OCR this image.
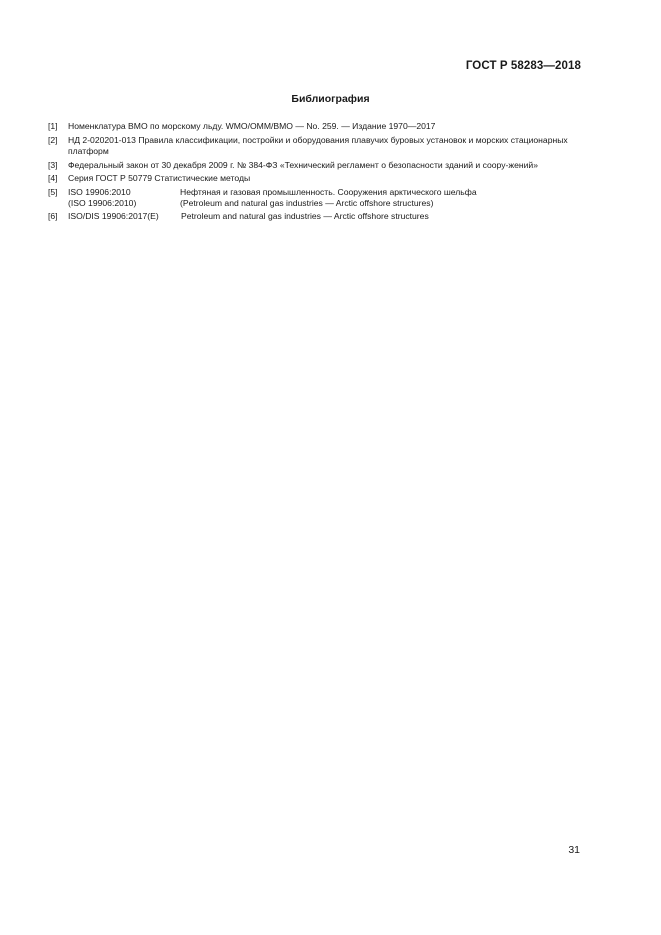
ГОСТ Р 58283—2018
Библиография
[1]	Номенклатура ВМО по морскому льду. WMO/OMM/ВМО — No. 259. — Издание 1970—2017
[2]	НД 2-020201-013 Правила классификации, постройки и оборудования плавучих буровых установок и морских стационарных платформ
[3]	Федеральный закон от 30 декабря 2009 г. № 384-ФЗ «Технический регламент о безопасности зданий и соору-жений»
[4]	Серия ГОСТ Р 50779 Статистические методы
[5]	ISO 19906:2010	Нефтяная и газовая промышленность. Сооружения арктического шельфа
(ISO 19906:2010)	(Petroleum and natural gas industries — Arctic offshore structures)
[6]	ISO/DIS 19906:2017(E)	Petroleum and natural gas industries — Arctic offshore structures
31
